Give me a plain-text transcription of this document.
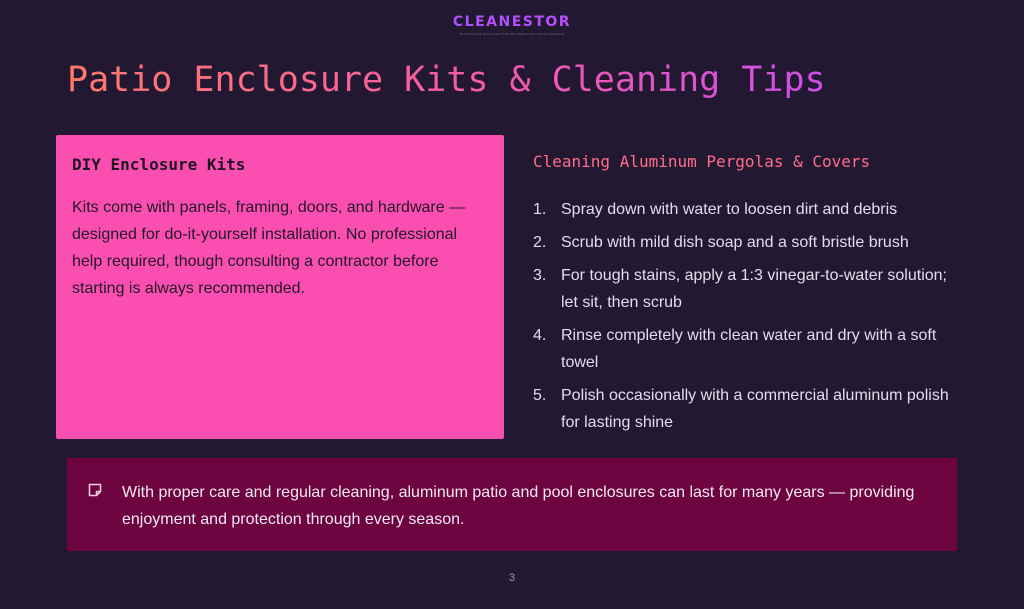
CLEANESTOR
The Cleaning Source and Tips for Helpful Your Cleaning Needs
Patio Enclosure Kits & Cleaning Tips
DIY Enclosure Kits

Kits come with panels, framing, doors, and hardware — designed for do-it-yourself installation. No professional help required, though consulting a contractor before starting is always recommended.

Cleaning Aluminum Pergolas & Covers
1. Spray down with water to loosen dirt and debris
2. Scrub with mild dish soap and a soft bristle brush
3. For tough stains, apply a 1:3 vinegar-to-water solution; let sit, then scrub
4. Rinse completely with clean water and dry with a soft towel
5. Polish occasionally with a commercial aluminum polish for lasting shine

With proper care and regular cleaning, aluminum patio and pool enclosures can last for many years — providing enjoyment and protection through every season.

3
